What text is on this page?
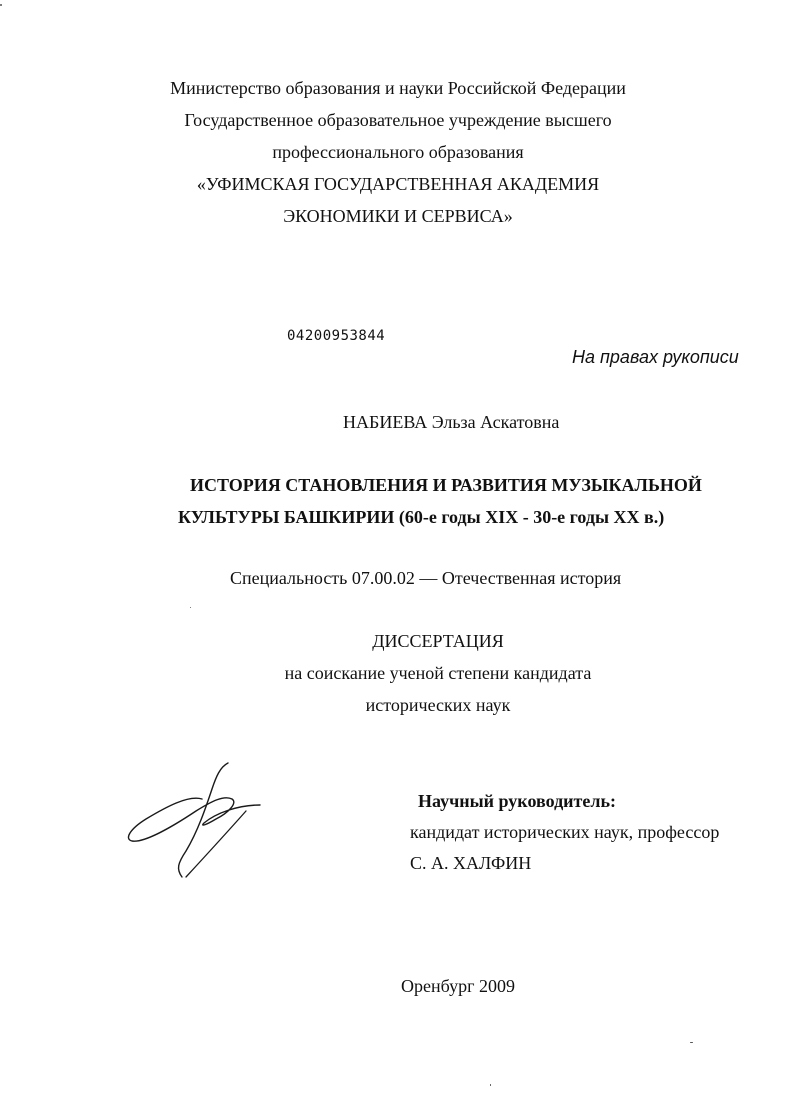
Министерство образования и науки Российской Федерации
Государственное образовательное учреждение высшего
профессионального образования
«УФИМСКАЯ ГОСУДАРСТВЕННАЯ АКАДЕМИЯ
ЭКОНОМИКИ И СЕРВИСА»
04200953844
На правах рукописи
НАБИЕВА Эльза Аскатовна
ИСТОРИЯ СТАНОВЛЕНИЯ И РАЗВИТИЯ МУЗЫКАЛЬНОЙ
КУЛЬТУРЫ БАШКИРИИ (60-е годы XIX - 30-е годы XX в.)
Специальность 07.00.02 — Отечественная история
ДИССЕРТАЦИЯ
на соискание ученой степени кандидата
исторических наук
Научный руководитель:
кандидат исторических наук, профессор
С. А. ХАЛФИН
Оренбург 2009
